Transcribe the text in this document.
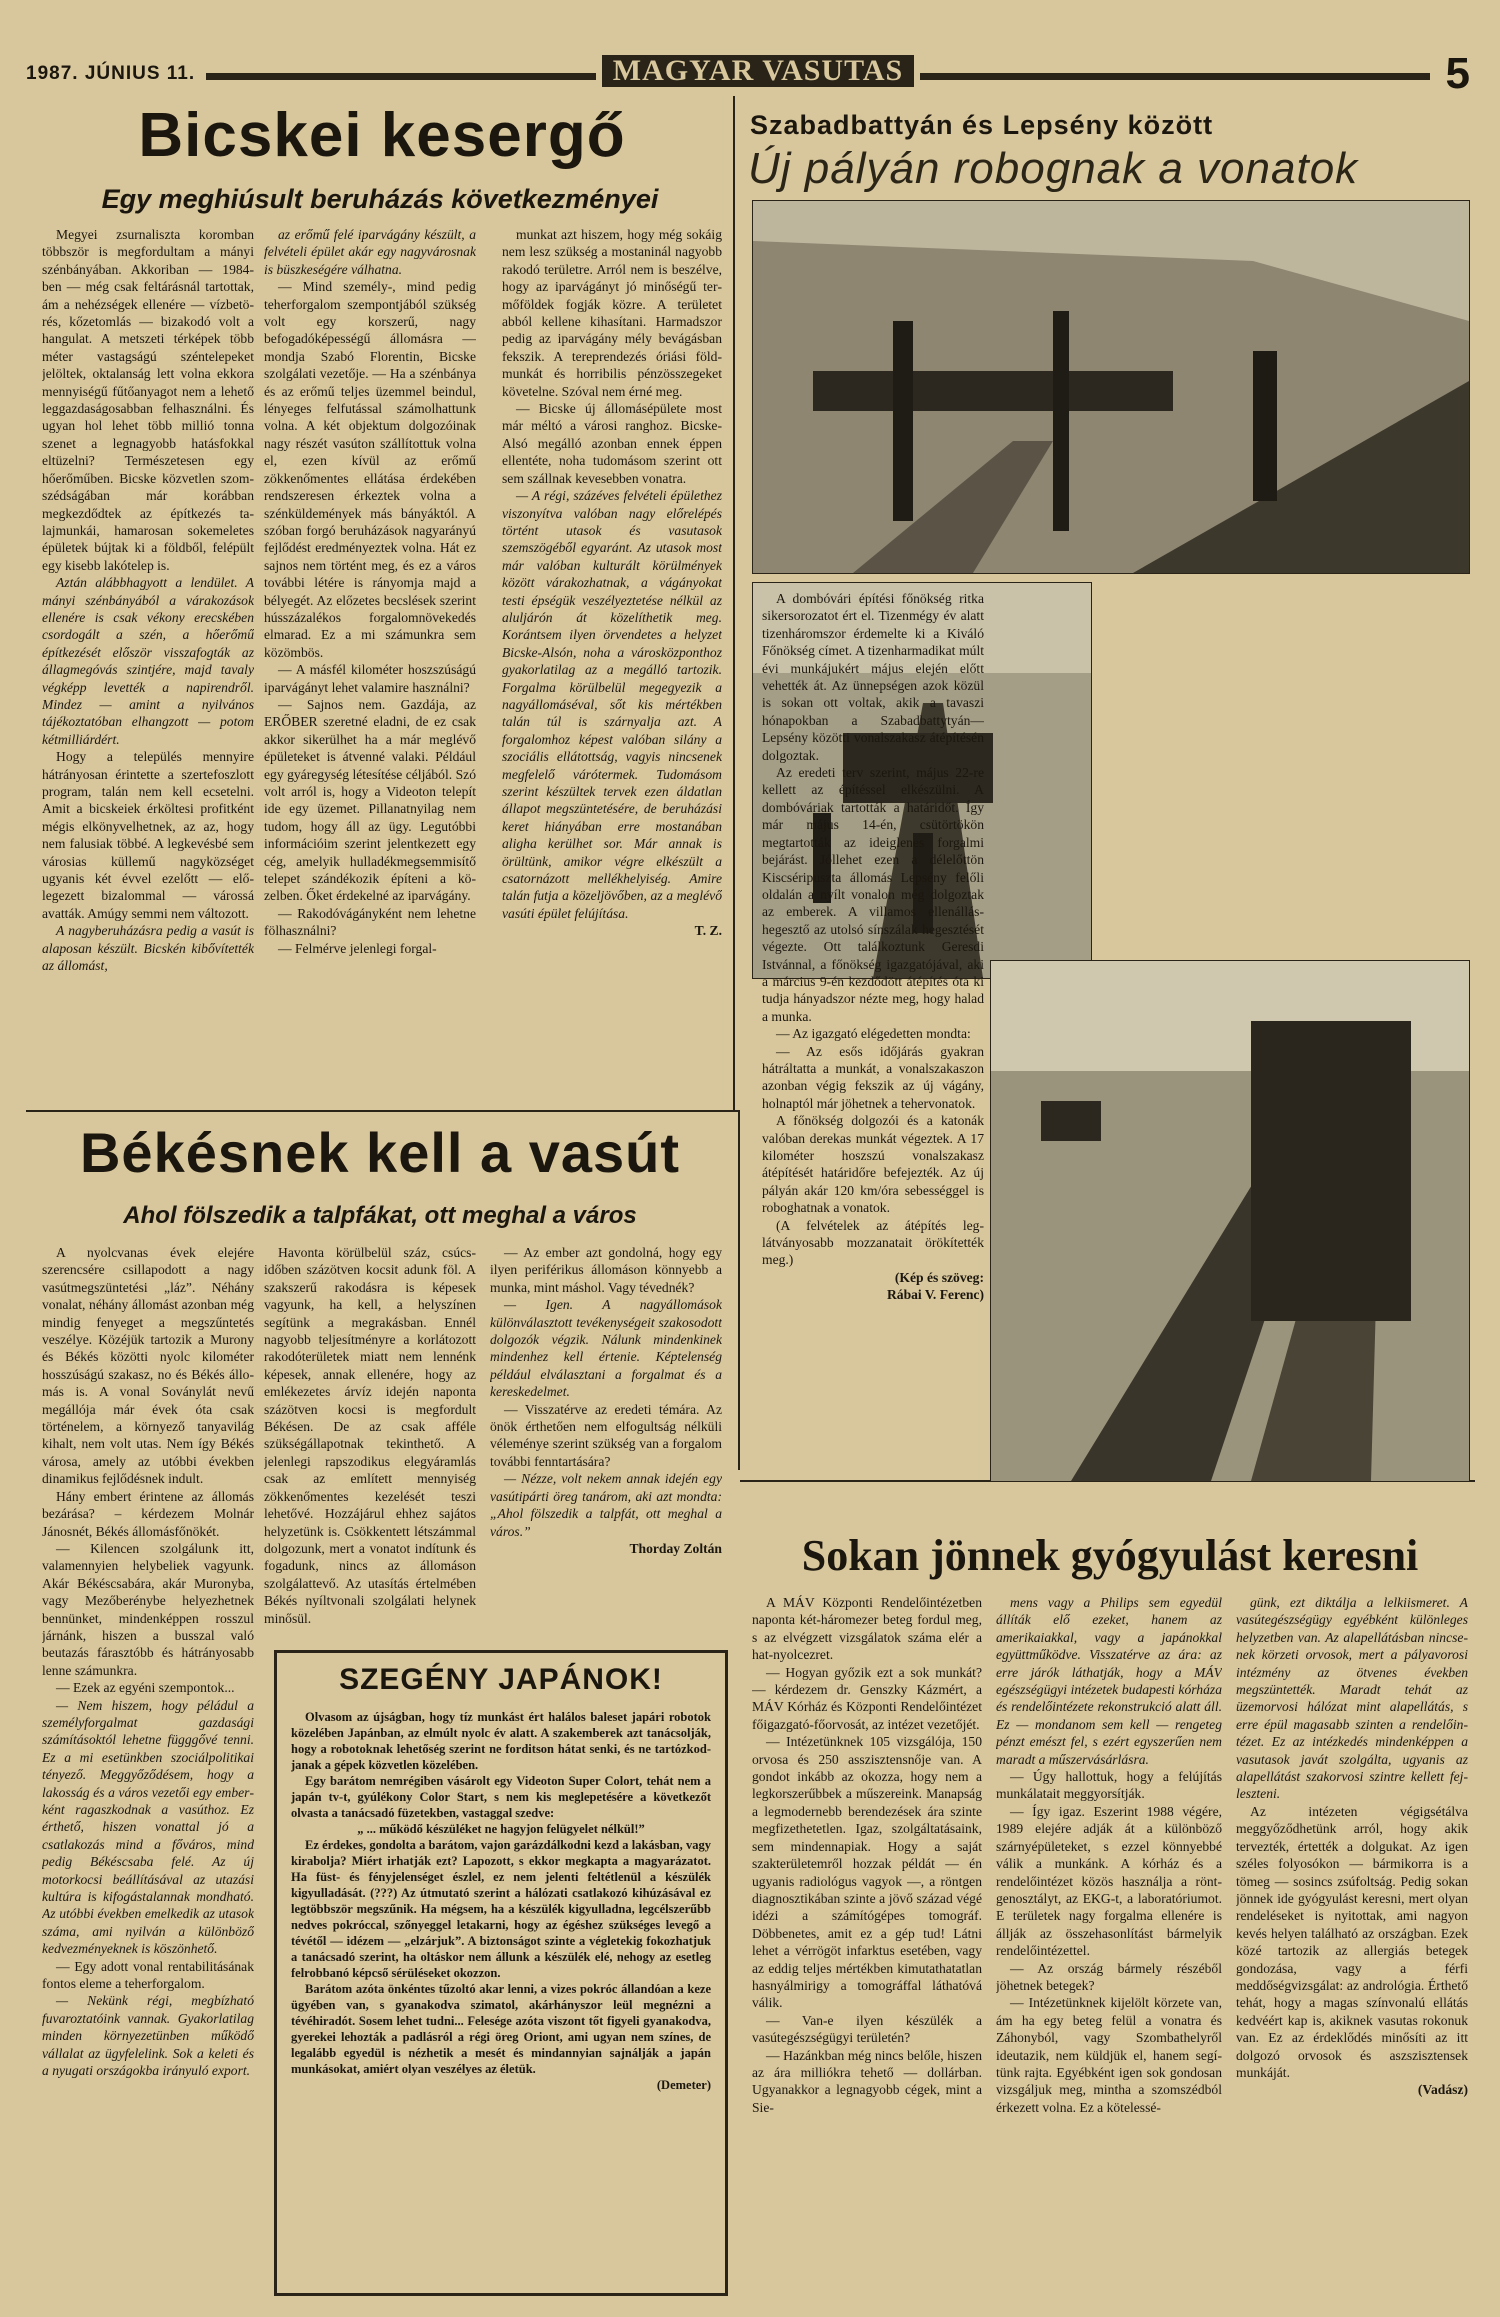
1987. JÚNIUS 11.	MAGYAR VASUTAS	5
Bicskei kesergő
Egy meghiúsult beruházás következményei

Megyei zsurnaliszta koromban többször is megfordultam a mányi szénbányában. Akkoriban — 1984-ben — még csak feltárásnál tartottak, ám a nehézségek ellenére — vízbetörés, kőzetomlás — bizakodó volt a hangulat. A metszeti térképek több méter vastagságú széntelepeket jelöltek, oktalanság lett volna ekkora mennyiségű fűtőanyagot nem a lehető leggazdaságosabban felhasználni. És ugyan hol lehet több millió tonna szenet a legnagyobb hatásfokkal eltüzelni? Természetesen egy hőerőműben. Bicske közvetlen szomszédságában már korábban megkezdődtek az építkezés talajmunkái, hamarosan sokemeletes épületek bújtak ki a földből, felépült egy kisebb lakótelep is.

Aztán alábbhagyott a lendület. A mányi szénbányából a várakozások ellenére is csak vékony erecskében csordogált a szén, a hőerőmű építkezését először visszafogták az állagmegóvás szintjére, majd tavaly végképp levették a napirendről. Mindez — amint a nyilvános tájékoztatóban elhangzott — potom kétmilliárdért.

Hogy a település mennyire hátrányosan érintette a szertefoszlott program, talán nem kell ecsetelni. Amit a bicskeiek érköltesi profitként mégis elkönyvelhetnek, az az, hogy nem falusiak többé. A legkevésbé sem városias küllemű nagyközséget ugyanis két évvel ezelőtt — előlegezett bizalommal — várossá avatták. Amúgy semmi nem változott.

A nagyberuházásra pedig a vasút is alaposan készült. Bicskén kibővítették az állomást,

az erőmű felé iparvágány készült, a felvételi épület akár egy nagyvárosnak is büszkeségére válhatna.

— Mind személy-, mind pedig teherforgalom szempontjából szükség volt egy korszerű, nagy befogadóképességű állomásra — mondja Szabó Florentin, Bicske szolgálati vezetője. — Ha a szénbánya és az erőmű teljes üzemmel beindul, lényeges felfutással számolhattunk volna. A két objektum dolgozóinak nagy részét vasúton szállítottuk volna el, ezen kívül az erőmű zökkenőmentes ellátása érdekében rendszeresen érkeztek volna a szénküldemények más bányáktól. A szóban forgó beruházások nagyarányú fejlődést eredményeztek volna. Hát ez sajnos nem történt meg, és ez a város további létére is rányomja majd a bélyegét. Az előzetes becslések szerint hússzázalékos forgalomnövekedés elmarad. Ez a mi számunkra sem közömbös.

— A másfél kilométer hoszszúságú iparvágányt lehet valamire használni?

— Sajnos nem. Gazdája, az ERŐBER szeretné eladni, de ez csak akkor sikerülhet ha a már meglévő épületeket is átvenné valaki. Például egy gyáregység létesítése céljából. Szó volt arról is, hogy a Videoton telepít ide egy üzemet. Pillanatnyilag nem tudom, hogy áll az ügy. Legutóbbi információim szerint jelentkezett egy cég, amelyik hulladékmegsemmisítő telepet szándékozik építeni a közelben. Őket érdekelné az iparvágány.

— Rakodóvágányként nem lehetne fölhasználni?

— Felmérve jelenlegi forgal-

munkat azt hiszem, hogy még sokáig nem lesz szükség a mostaninál nagyobb rakodó területre. Arról nem is beszélve, hogy az iparvágányt jó minőségű termőföldek fogják közre. A területet abból kellene kihasítani. Harmadszor pedig az iparvágány mély bevágásban fekszik. A tereprendezés óriási földmunkát és horribilis pénzösszegeket követelne. Szóval nem érné meg.

— Bicske új állomásépülete most már méltó a városi ranghoz. Bicske-Alsó megálló azonban ennek éppen ellentéte, noha tudomásom szerint ott sem szállnak kevesebben vonatra.

— A régi, százéves felvételi épülethez viszonyítva valóban nagy előrelépés történt utasok és vasutasok szemszögéből egyaránt. Az utasok most már valóban kulturált körülmények között várakozhatnak, a vágányokat testi épségük veszélyeztetése nélkül az aluljárón át közelíthetik meg. Korántsem ilyen örvendetes a helyzet Bicske-Alsón, noha a városközponthoz gyakorlatilag az a megálló tartozik. Forgalma körülbelül megegyezik a nagyállomáséval, sőt kis mértékben talán túl is szárnyalja azt. A forgalomhoz képest valóban silány a szociális ellátottság, vagyis nincsenek megfelelő várótermek. Tudomásom szerint készültek tervek ezen áldatlan állapot megszüntetésére, de beruházási keret hiányában erre mostanában aligha kerülhet sor. Már annak is örültünk, amikor végre elkészült a csatornázott mellékhelyiség. Amire talán futja a közeljövőben, az a meglévő vasúti épület felújítása.

T. Z.

Szabadbattyán és Lepsény között
Új pályán robognak a vonatok

A dombóvári építési főnökség ritka sikersorozatot ért el. Tizenmégy év alatt tizenháromszor érdemelte ki a Kiváló Főnökség címet. A tizenharmadikat múlt évi munkájukért május elején előtt vehették át. Az ünnepségen azok közül is sokan ott voltak, akik a tavaszi hónapokban a Szabadbattytyán—Lepsény közötti vonalszakasz átépítésén dolgoztak.

Az eredeti terv szerint, május 22-re kellett az építéssel elkészülni. A dombóváriak tartották a határidőt. Így már május 14-én, csütörtökön megtartották az ideiglenes forgalmi bejárást. Jóllehet ezen a délelőttön Kiscséripuszta állomás Lepsény felőli oldalán a nyílt vonalon még dolgoztak az emberek. A villamos ellenállás-hegesztő az utolsó sínszálak hegesztését végezte. Ott találkoztunk Geresdi Istvánnal, a főnökség igazgatójával, aki a március 9-én kezdődött átépítés óta ki tudja hányadszor nézte meg, hogy halad a munka.

— Az igazgató elégedetten mondta:

— Az esős időjárás gyakran hátráltatta a munkát, a vonalszakaszon azonban végig fekszik az új vágány, holnaptól már jöhetnek a tehervonatok.

A főnökség dolgozói és a katonák valóban derekas munkát végeztek. A 17 kilométer hoszszú vonalszakasz átépítését határidőre befejezték. Az új pályán akár 120 km/óra sebességgel is roboghatnak a vonatok.

(A felvételek az átépítés leglátványosabb mozzanatait örökítették meg.)

(Kép és szöveg:

Rábai V. Ferenc)

Békésnek kell a vasút
Ahol fölszedik a talpfákat, ott meghal a város

A nyolcvanas évek elejére szerencsére csillapodott a nagy vasútmegszüntetési „láz”. Néhány vonalat, néhány állomást azonban még mindig fenyeget a megszűntetés veszélye. Közéjük tartozik a Murony és Békés közötti nyolc kilométer hosszúságú szakasz, no és Békés állomás is. A vonal Soványlát nevű megállója már évek óta csak történelem, a környező tanyavilág kihalt, nem volt utas. Nem így Békés városa, amely az utóbbi években dinamikus fejlődésnek indult.

Hány embert érintene az állomás bezárása? – kérdezem Molnár Jánosnét, Békés állomásfőnökét.

— Kilencen szolgálunk itt, valamennyien helybeliek vagyunk. Akár Békéscsabára, akár Muronyba, vagy Mezőberénybe helyezhetnek bennünket, mindenképpen rosszul járnánk, hiszen a busszal való beutazás fárasztóbb és hátrányosabb lenne számunkra.

— Ezek az egyéni szempontok...

— Nem hiszem, hogy péládul a személyforgalmat gazdasági számításoktól lehetne függgővé tenni. Ez a mi esetünkben szociálpolitikai tényező. Meggyőződésem, hogy a lakosság és a város vezetői egy emberként ragaszkodnak a vasúthoz. Ez érthető, hiszen vonattal jó a csatlakozás mind a főváros, mind pedig Békéscsaba felé. Az új motorkocsi beállításával az utazási kultúra is kifogástalannak mondható. Az utóbbi években emelkedik az utasok száma, ami nyilván a különböző kedvezményeknek is köszönhető.

— Egy adott vonal rentabilitásának fontos eleme a teherforgalom.

— Nekünk régi, megbízható fuvaroztatóink vannak. Gyakorlatilag minden környezetünben működő vállalat az ügyfelelink. Sok a keleti és a nyugati országokba irányuló export.

Havonta körülbelül száz, csúcsidőben százötven kocsit adunk föl. A szakszerű rakodásra is képesek vagyunk, ha kell, a helyszínen segítünk a megrakásban. Ennél nagyobb teljesítményre a korlátozott rakodóterületek miatt nem lennénk képesek, annak ellenére, hogy az emlékezetes árvíz idején naponta százötven kocsi is megfordult Békésen. De az csak afféle szükségállapotnak tekinthető. A jelenlegi rapszodikus elegyáramlás csak az említett mennyiség zökkenőmentes kezelését teszi lehetővé. Hozzájárul ehhez sajátos helyzetünk is. Csökkentett létszámmal dolgozunk, mert a vonatot indítunk és fogadunk, nincs az állomáson szolgálattevő. Az utasítás értelmében Békés nyíltvonali szolgálati helynek minősül.

— Az ember azt gondolná, hogy egy ilyen periférikus állomáson könnyebb a munka, mint máshol. Vagy tévednék?

— Igen. A nagyállomások különválasztott tevékenységeit szakosodott dolgozók végzik. Nálunk mindenkinek mindenhez kell értenie. Képtelenség például elválasztani a forgalmat és a kereskedelmet.

— Visszatérve az eredeti témára. Az önök érthetően nem elfogultság nélküli véleménye szerint szükség van a forgalom további fenntartására?

— Nézze, volt nekem annak idején egy vasútipárti öreg tanárom, aki azt mondta: „Ahol fölszedik a talpfát, ott meghal a város.”

Thorday Zoltán

SZEGÉNY JAPÁNOK!

Olvasom az újságban, hogy tíz munkást ért halálos baleset japári robotok közelében Japánban, az elmúlt nyolc év alatt. A szakemberek azt tanácsolják, hogy a robotoknak lehetőség szerint ne forditson hátat senki, és ne tartózkodjanak a gépek közvetlen közelében.

Egy barátom nemrégiben vásárolt egy Videoton Super Colort, tehát nem a japán tv-t, gyúlékony Color Start, s nem kis meglepetésére a következőt olvasta a tanácsadó füzetekben, vastaggal szedve:

„ ... működő készüléket ne hagyjon felügyelet nélkül!”

Ez érdekes, gondolta a barátom, vajon garázdálkodni kezd a lakásban, vagy kirabolja? Miért irhatják ezt? Lapozott, s ekkor megkapta a magyarázatot. Ha füst- és fényjelenséget észlel, ez nem jelenti feltétlenül a készülék kigyulladását. (???) Az útmutató szerint a hálózati csatlakozó kihúzásával ez legtöbbször megszűnik. Ha mégsem, ha a készülék kigyulladna, legcélszerűbb nedves pokróccal, szőnyeggel letakarni, hogy az égéshez szükséges levegő a tévétől — idézem — „elzárjuk”. A biztonságot szinte a végletekig fokozhatjuk a tanácsadó szerint, ha oltáskor nem állunk a készülék elé, nehogy az esetleg felrobbanó képcső sérüléseket okozzon.

Barátom azóta önkéntes tűzoltó akar lenni, a vizes pokróc állandóan a keze ügyében van, s gyanakodva szimatol, akárhányszor leül megnézni a tévéhiradót. Sosem lehet tudni... Felesége azóta viszont tőt figyeli gyanakodva, gyerekei lehozták a padlásról a régi öreg Oriont, ami ugyan nem színes, de legalább egyedül is nézhetik a mesét és mindannyian sajnálják a japán munkásokat, amiért olyan veszélyes az életük.

(Demeter)

Sokan jönnek gyógyulást keresni

A MÁV Központi Rendelőintézetben naponta két-háromezer beteg fordul meg, s az elvégzett vizsgálatok száma elér a hat-nyolcezret.

— Hogyan győzik ezt a sok munkát? — kérdezem dr. Genszky Kázmért, a MÁV Kórház és Központi Rendelőintézet főigazgató-főorvosát, az intézet vezetőjét.

— Intézetünknek 105 vizsgálója, 150 orvosa és 250 asszisztensnője van. A gondot inkább az okozza, hogy nem a legkorszerűbbek a műszereink. Manapság a legmodernebb berendezések ára szinte megfizethetetlen. Igaz, szolgáltatásaink, sem mindennapiak. Hogy a saját szakterületemről hozzak példát — én ugyanis radiológus vagyok —, a röntgen diagnosztikában szinte a jövő század végé idézi a számítógépes tomográf. Döbbenetes, amit ez a gép tud! Látni lehet a vérrögöt infarktus esetében, vagy az eddig teljes mértékben kimutathatatlan hasnyálmirigy a tomográffal láthatóvá válik.

— Van-e ilyen készülék a vasútegészségügyi területén?

— Hazánkban még nincs belőle, hiszen az ára milliókra tehető — dollárban. Ugyanakkor a legnagyobb cégek, mint a Sie-

mens vagy a Philips sem egyedül állíták elő ezeket, hanem az amerikaiakkal, vagy a japánokkal együttműködve. Visszatérve az ára: az erre járók láthatják, hogy a MÁV egészségügyi intézetek budapesti kórháza és rendelőintézete rekonstrukció alatt áll. Ez — mondanom sem kell — rengeteg pénzt emészt fel, s ezért egyszerűen nem maradt a műszervásárlásra.

— Úgy hallottuk, hogy a felújítás munkálatait meggyorsítják.

— Így igaz. Eszerint 1988 végére, 1989 elejére adják át a különböző szárnyépületeket, s ezzel könnyebbé válik a munkánk. A kórház és a rendelőintézet közös használja a röntgenosztályt, az EKG-t, a laboratóriumot. E területek nagy forgalma ellenére is állják az összehasonlítást bármelyik rendelőintézettel.

— Az ország bármely részéből jöhetnek betegek?

— Intézetünknek kijelölt körzete van, ám ha egy beteg felül a vonatra és Záhonyból, vagy Szombathelyről ideutazik, nem küldjük el, hanem segítünk rajta. Egyébként igen sok gondosan vizsgáljuk meg, mintha a szomszédból érkezett volna. Ez a kötelessé-

günk, ezt diktálja a lelkiismeret. A vasútegészségügy egyébként különleges helyzetben van. Az alapellátásban nincsenek körzeti orvosok, mert a pályavorosi intézmény az ötvenes években megszüntették. Maradt tehát az üzemorvosi hálózat mint alapellátás, s erre épül magasabb szinten a rendelőintézet. Ez az intézkedés mindenképpen a vasutasok javát szolgálta, ugyanis az alapellátást szakorvosi szintre kellett fejleszteni.

Az intézeten végigsétálva meggyőződhetünk arról, hogy akik tervezték, értették a dolgukat. Az igen széles folyosókon — bármikorra is a tömeg — sosincs zsúfoltság. Pedig sokan jönnek ide gyógyulást keresni, mert olyan rendeléseket is nyitottak, ami nagyon kevés helyen található az országban. Ezek közé tartozik az allergiás betegek gondozása, vagy a férfi meddőségvizsgálat: az andrológia. Érthető tehát, hogy a magas színvonalú ellátás kedvéért kap is, akiknek vasutas rokonuk van. Ez az érdeklődés minősíti az itt dolgozó orvosok és aszszisztensek munkáját.

(Vadász)
